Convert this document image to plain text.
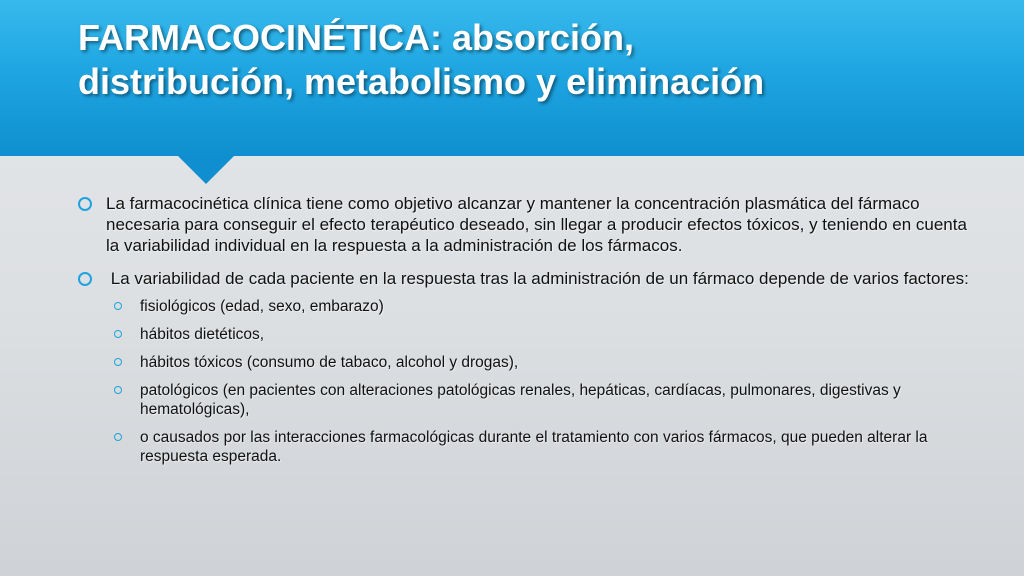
FARMACOCINÉTICA: absorción,
distribución, metabolismo y eliminación
La farmacocinética clínica tiene como objetivo alcanzar y mantener la concentración plasmática del fármaco necesaria para conseguir el efecto terapéutico deseado, sin llegar a producir efectos tóxicos, y teniendo en cuenta la variabilidad individual en la respuesta a la administración de los fármacos.
La variabilidad de cada paciente en la respuesta tras la administración de un fármaco depende de varios factores:
fisiológicos (edad, sexo, embarazo)
hábitos dietéticos,
hábitos tóxicos (consumo de tabaco, alcohol y drogas),
patológicos (en pacientes con alteraciones patológicas renales, hepáticas, cardíacas, pulmonares, digestivas y hematológicas),
o causados por las interacciones farmacológicas durante el tratamiento con varios fármacos, que pueden alterar la respuesta esperada.
